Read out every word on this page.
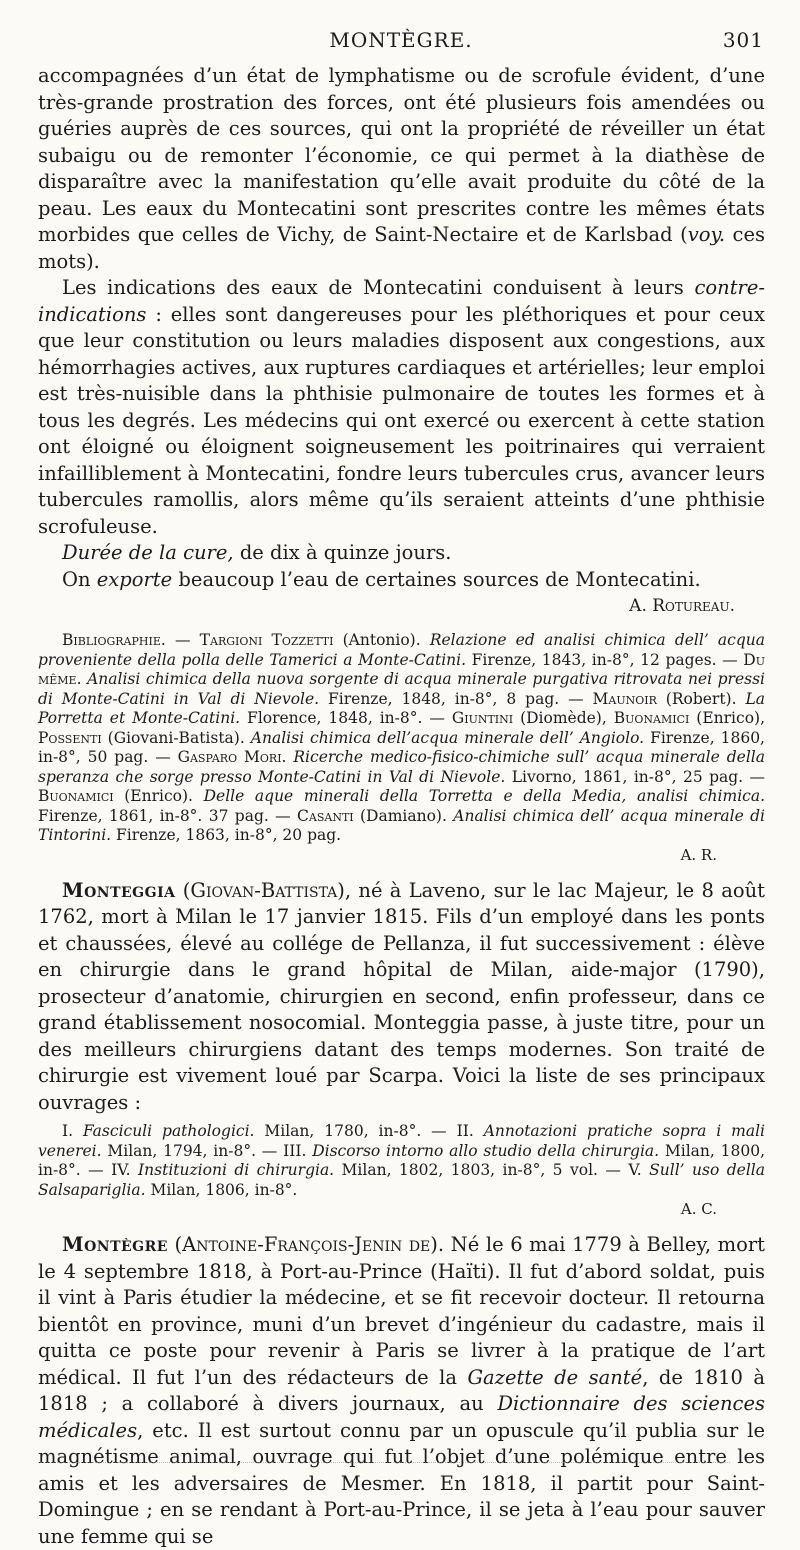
MONTÈGRE.	301

accompagnées d’un état de lymphatisme ou de scrofule évident, d’une très-grande prostration des forces, ont été plusieurs fois amendées ou guéries auprès de ces sources, qui ont la propriété de réveiller un état subaigu ou de remonter l’économie, ce qui permet à la diathèse de disparaître avec la manifestation qu’elle avait produite du côté de la peau. Les eaux du Montecatini sont prescrites contre les mêmes états morbides que celles de Vichy, de Saint-Nectaire et de Karlsbad (voy. ces mots).

Les indications des eaux de Montecatini conduisent à leurs contre-indications : elles sont dangereuses pour les pléthoriques et pour ceux que leur constitution ou leurs maladies disposent aux congestions, aux hémorrhagies actives, aux ruptures cardiaques et artérielles; leur emploi est très-nuisible dans la phthisie pulmonaire de toutes les formes et à tous les degrés. Les médecins qui ont exercé ou exercent à cette station ont éloigné ou éloignent soigneusement les poitrinaires qui verraient infailliblement à Montecatini, fondre leurs tubercules crus, avancer leurs tubercules ramollis, alors même qu’ils seraient atteints d’une phthisie scrofuleuse.

Durée de la cure, de dix à quinze jours.

On exporte beaucoup l’eau de certaines sources de Montecatini.

A. Rotureau.

Bibliographie. — Targioni Tozzetti (Antonio). Relazione ed analisi chimica dell’ acqua proveniente della polla delle Tamerici a Monte-Catini. Firenze, 1843, in-8°, 12 pages. — Du même. Analisi chimica della nuova sorgente di acqua minerale purgativa ritrovata nei pressi di Monte-Catini in Val di Nievole. Firenze, 1848, in-8°, 8 pag. — Maunoir (Robert). La Porretta et Monte-Catini. Florence, 1848, in-8°. — Giuntini (Diomède), Buonamici (Enrico), Possenti (Giovani-Batista). Analisi chimica dell’acqua minerale dell’ Angiolo. Firenze, 1860, in-8°, 50 pag. — Gasparo Mori. Ricerche medico-fisico-chimiche sull’ acqua minerale della speranza che sorge presso Monte-Catini in Val di Nievole. Livorno, 1861, in-8°, 25 pag. — Buonamici (Enrico). Delle aque minerali della Torretta e della Media, analisi chimica. Firenze, 1861, in-8°. 37 pag. — Casanti (Damiano). Analisi chimica dell’ acqua minerale di Tintorini. Firenze, 1863, in-8°, 20 pag.

A. R.

Monteggia (Giovan-Battista), né à Laveno, sur le lac Majeur, le 8 août 1762, mort à Milan le 17 janvier 1815. Fils d’un employé dans les ponts et chaussées, élevé au collége de Pellanza, il fut successivement : élève en chirurgie dans le grand hôpital de Milan, aide-major (1790), prosecteur d’anatomie, chirurgien en second, enfin professeur, dans ce grand établissement nosocomial. Monteggia passe, à juste titre, pour un des meilleurs chirurgiens datant des temps modernes. Son traité de chirurgie est vivement loué par Scarpa. Voici la liste de ses principaux ouvrages :

I. Fasciculi pathologici. Milan, 1780, in-8°. — II. Annotazioni pratiche sopra i mali venerei. Milan, 1794, in-8°. — III. Discorso intorno allo studio della chirurgia. Milan, 1800, in-8°. — IV. Instituzioni di chirurgia. Milan, 1802, 1803, in-8°, 5 vol. — V. Sull’ uso della Salsapariglia. Milan, 1806, in-8°.

A. C.

Montègre (Antoine-François-Jenin de). Né le 6 mai 1779 à Belley, mort le 4 septembre 1818, à Port-au-Prince (Haïti). Il fut d’abord soldat, puis il vint à Paris étudier la médecine, et se fit recevoir docteur. Il retourna bientôt en province, muni d’un brevet d’ingénieur du cadastre, mais il quitta ce poste pour revenir à Paris se livrer à la pratique de l’art médical. Il fut l’un des rédacteurs de la Gazette de santé, de 1810 à 1818 ; a collaboré à divers journaux, au Dictionnaire des sciences médicales, etc. Il est surtout connu par un opuscule qu’il publia sur le magnétisme animal, ouvrage qui fut l’objet d’une polémique entre les amis et les adversaires de Mesmer. En 1818, il partit pour Saint-Domingue ; en se rendant à Port-au-Prince, il se jeta à l’eau pour sauver une femme qui se
